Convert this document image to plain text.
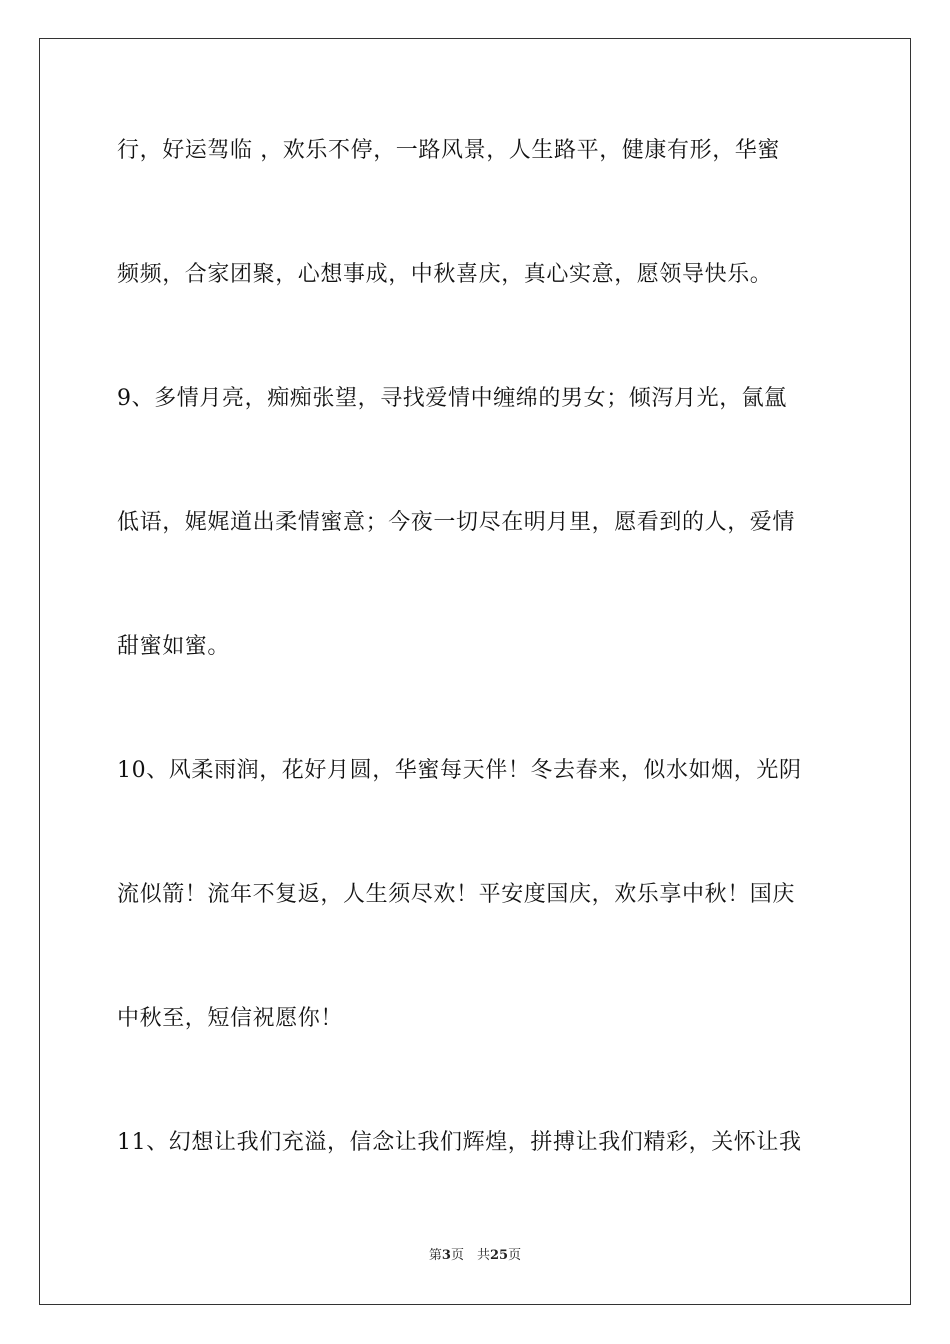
行，好运驾临 ，欢乐不停，一路风景，人生路平，健康有形，华蜜
频频，合家团聚，心想事成，中秋喜庆，真心实意，愿领导快乐。
9、多情月亮，痴痴张望，寻找爱情中缠绵的男女；倾泻月光，氤氲
低语，娓娓道出柔情蜜意；今夜一切尽在明月里，愿看到的人，爱情
甜蜜如蜜。
10、风柔雨润，花好月圆，华蜜每天伴！冬去春来，似水如烟，光阴
流似箭！流年不复返，人生须尽欢！平安度国庆，欢乐享中秋！国庆
中秋至，短信祝愿你！
11、幻想让我们充溢，信念让我们辉煌，拼搏让我们精彩，关怀让我
第3页　共25页
